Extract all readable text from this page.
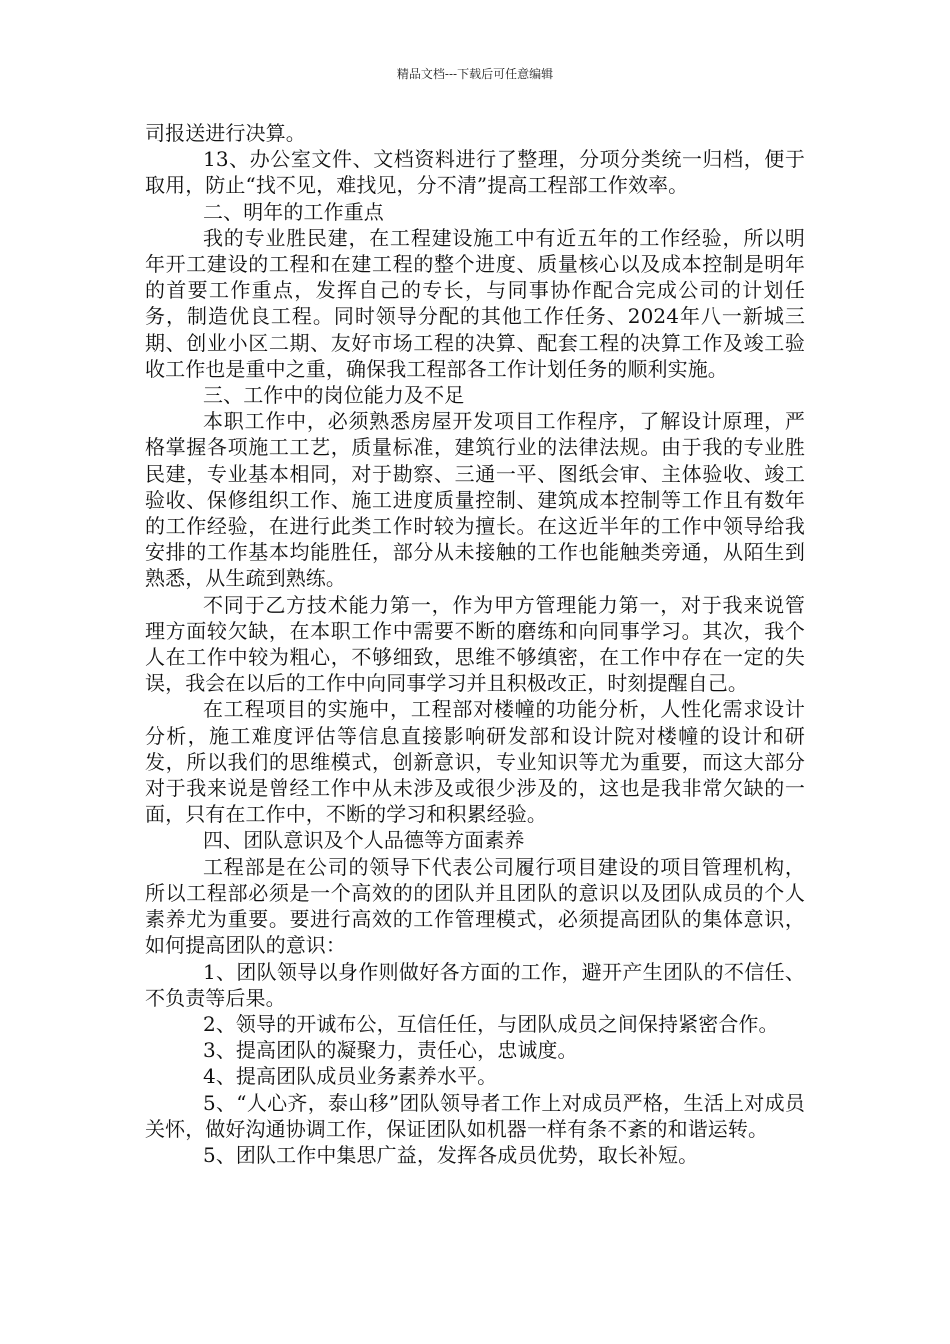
精品文档---下载后可任意编辑

司报送进行决算。

13、办公室文件、文档资料进行了整理，分项分类统一归档，便于取用，防止“找不见，难找见，分不清”提高工程部工作效率。

二、明年的工作重点

我的专业胜民建，在工程建设施工中有近五年的工作经验，所以明年开工建设的工程和在建工程的整个进度、质量核心以及成本控制是明年的首要工作重点，发挥自己的专长，与同事协作配合完成公司的计划任务，制造优良工程。同时领导分配的其他工作任务、2024年八一新城三期、创业小区二期、友好市场工程的决算、配套工程的决算工作及竣工验收工作也是重中之重，确保我工程部各工作计划任务的顺利实施。

三、工作中的岗位能力及不足

本职工作中，必须熟悉房屋开发项目工作程序，了解设计原理，严格掌握各项施工工艺，质量标准，建筑行业的法律法规。由于我的专业胜民建，专业基本相同，对于勘察、三通一平、图纸会审、主体验收、竣工验收、保修组织工作、施工进度质量控制、建筑成本控制等工作且有数年的工作经验，在进行此类工作时较为擅长。在这近半年的工作中领导给我安排的工作基本均能胜任，部分从未接触的工作也能触类旁通，从陌生到熟悉，从生疏到熟练。

不同于乙方技术能力第一，作为甲方管理能力第一，对于我来说管理方面较欠缺，在本职工作中需要不断的磨练和向同事学习。其次，我个人在工作中较为粗心，不够细致，思维不够缜密，在工作中存在一定的失误，我会在以后的工作中向同事学习并且积极改正，时刻提醒自己。

在工程项目的实施中，工程部对楼幢的功能分析，人性化需求设计分析，施工难度评估等信息直接影响研发部和设计院对楼幢的设计和研发，所以我们的思维模式，创新意识，专业知识等尤为重要，而这大部分对于我来说是曾经工作中从未涉及或很少涉及的，这也是我非常欠缺的一面，只有在工作中，不断的学习和积累经验。

四、团队意识及个人品德等方面素养

工程部是在公司的领导下代表公司履行项目建设的项目管理机构，所以工程部必须是一个高效的的团队并且团队的意识以及团队成员的个人素养尤为重要。要进行高效的工作管理模式，必须提高团队的集体意识，如何提高团队的意识：

1、团队领导以身作则做好各方面的工作，避开产生团队的不信任、不负责等后果。

2、领导的开诚布公，互信任任，与团队成员之间保持紧密合作。

3、提高团队的凝聚力，责任心，忠诚度。

4、提高团队成员业务素养水平。

5、“人心齐，泰山移”团队领导者工作上对成员严格，生活上对成员关怀，做好沟通协调工作，保证团队如机器一样有条不紊的和谐运转。

5、团队工作中集思广益，发挥各成员优势，取长补短。
